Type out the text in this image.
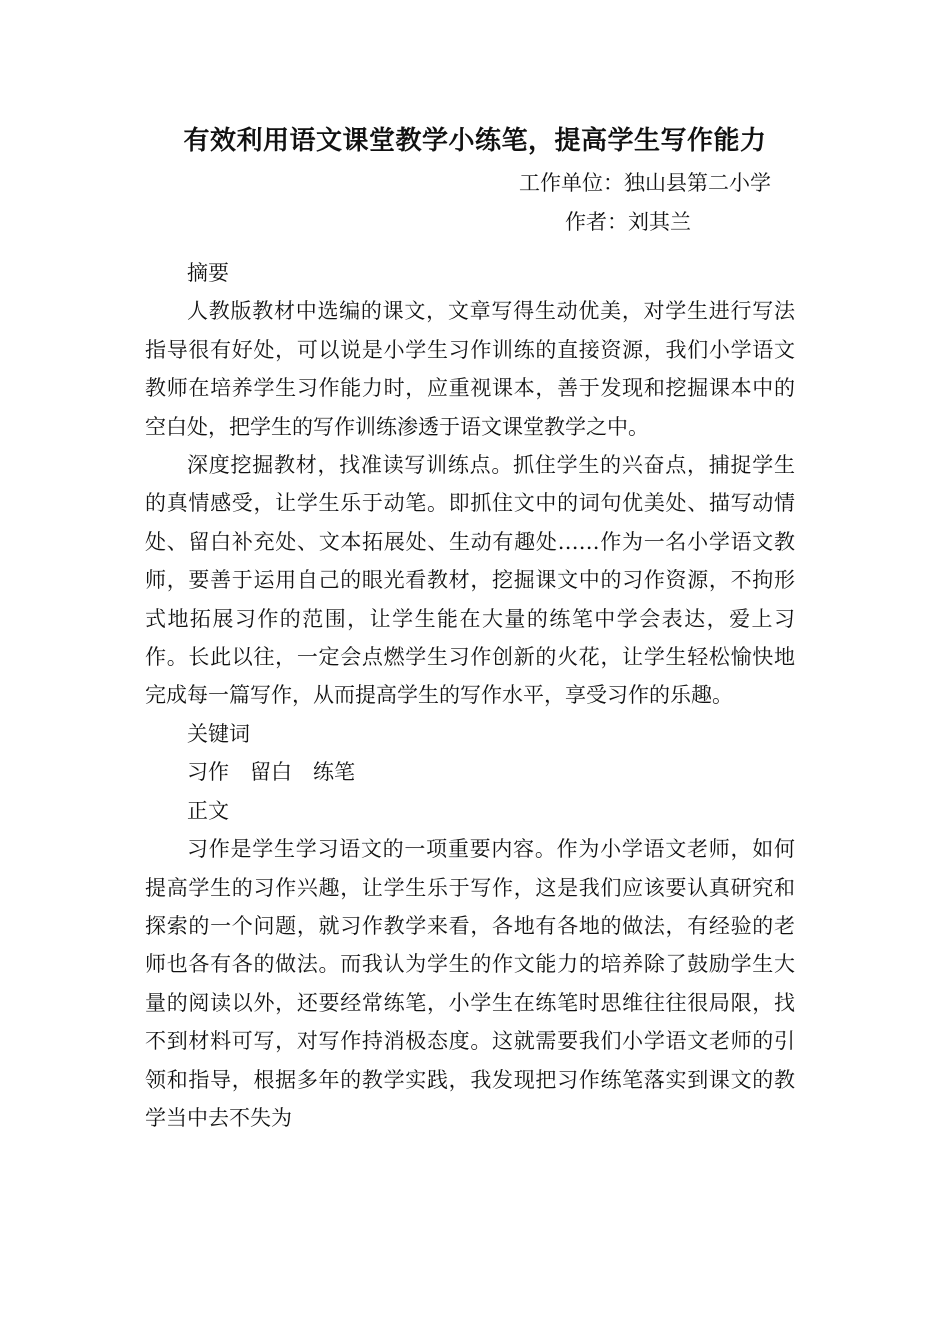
有效利用语文课堂教学小练笔，提高学生写作能力
工作单位：独山县第二小学
作者：刘其兰

摘要

人教版教材中选编的课文，文章写得生动优美，对学生进行写法指导很有好处，可以说是小学生习作训练的直接资源，我们小学语文教师在培养学生习作能力时，应重视课本，善于发现和挖掘课本中的空白处，把学生的写作训练渗透于语文课堂教学之中。

深度挖掘教材，找准读写训练点。抓住学生的兴奋点，捕捉学生的真情感受，让学生乐于动笔。即抓住文中的词句优美处、描写动情处、留白补充处、文本拓展处、生动有趣处……作为一名小学语文教师，要善于运用自己的眼光看教材，挖掘课文中的习作资源，不拘形式地拓展习作的范围，让学生能在大量的练笔中学会表达，爱上习作。长此以往，一定会点燃学生习作创新的火花，让学生轻松愉快地完成每一篇写作，从而提高学生的写作水平，享受习作的乐趣。

关键词

习作　留白　练笔

正文

习作是学生学习语文的一项重要内容。作为小学语文老师，如何提高学生的习作兴趣，让学生乐于写作，这是我们应该要认真研究和探索的一个问题，就习作教学来看，各地有各地的做法，有经验的老师也各有各的做法。而我认为学生的作文能力的培养除了鼓励学生大量的阅读以外，还要经常练笔，小学生在练笔时思维往往很局限，找不到材料可写，对写作持消极态度。这就需要我们小学语文老师的引领和指导，根据多年的教学实践，我发现把习作练笔落实到课文的教学当中去不失为
